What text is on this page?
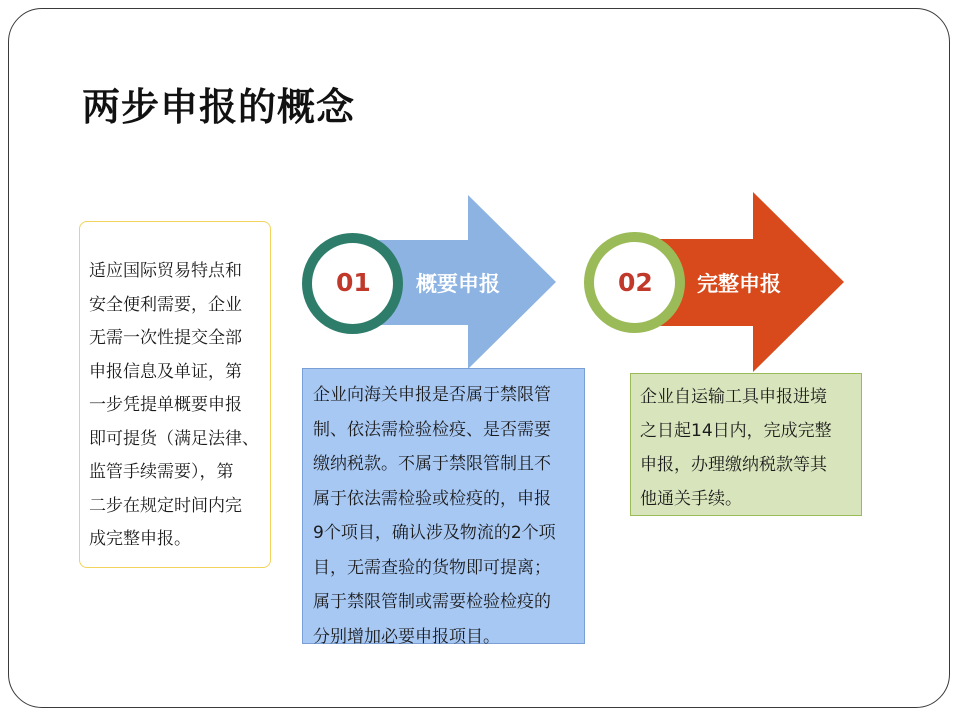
两步申报的概念
适应国际贸易特点和
安全便利需要，企业
无需一次性提交全部
申报信息及单证，第
一步凭提单概要申报
即可提货（满足法律、
监管手续需要），第
二步在规定时间内完
成完整申报。
01 概要申报
企业向海关申报是否属于禁限管
制、依法需检验检疫、是否需要
缴纳税款。不属于禁限管制且不
属于依法需检验或检疫的，申报
9个项目，确认涉及物流的2个项
目，无需查验的货物即可提离；
属于禁限管制或需要检验检疫的
分别增加必要申报项目。
02 完整申报
企业自运输工具申报进境
之日起14日内，完成完整
申报，办理缴纳税款等其
他通关手续。
